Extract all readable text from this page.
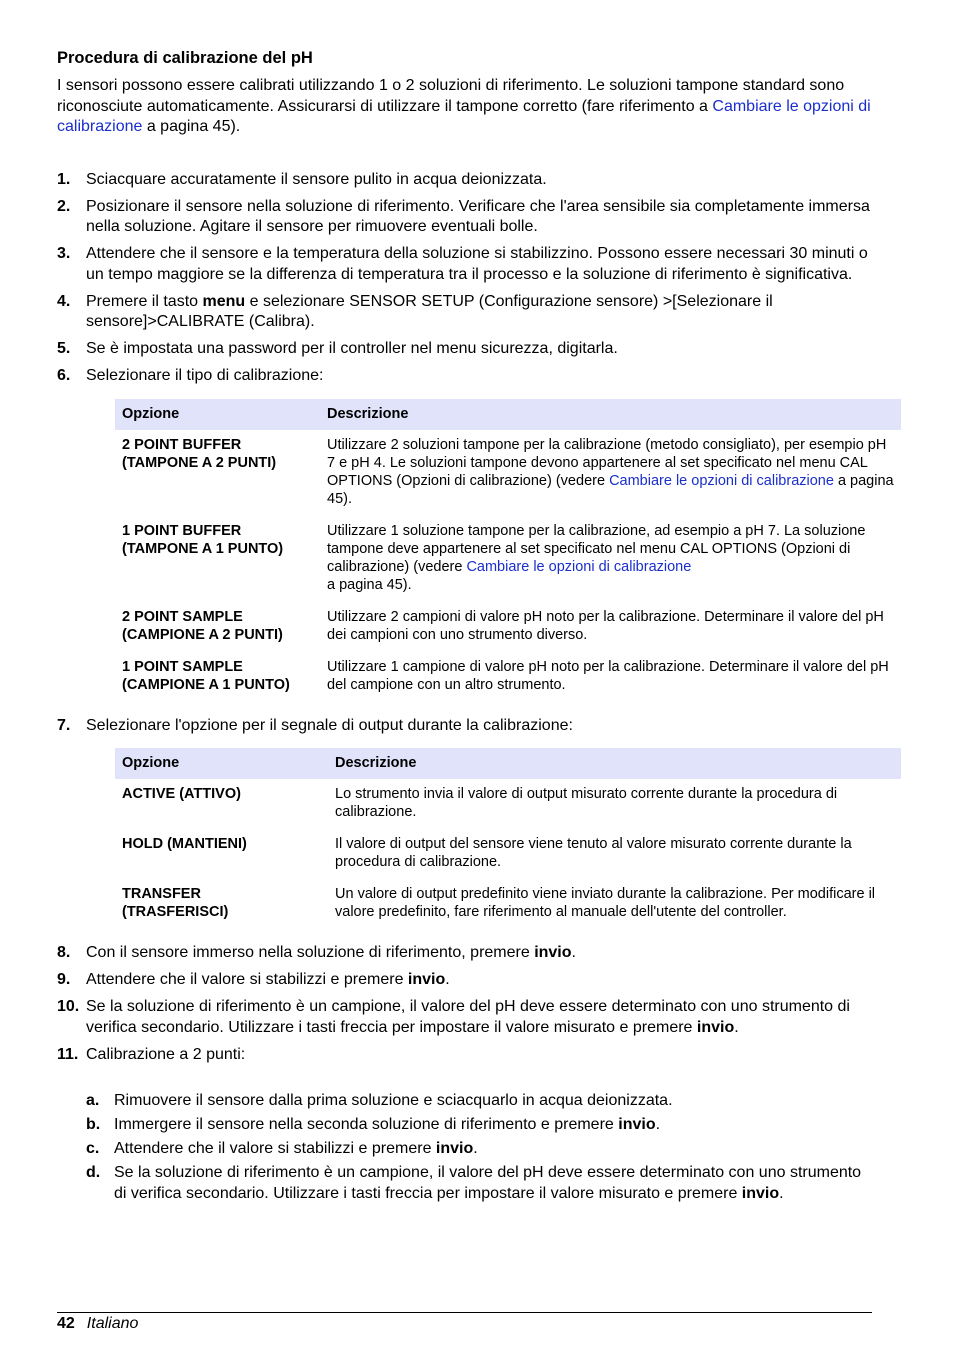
Procedura di calibrazione del pH

I sensori possono essere calibrati utilizzando 1 o 2 soluzioni di riferimento. Le soluzioni tampone standard sono riconosciute automaticamente. Assicurarsi di utilizzare il tampone corretto (fare riferimento a Cambiare le opzioni di calibrazione a pagina 45).

1. Sciacquare accuratamente il sensore pulito in acqua deionizzata.
2. Posizionare il sensore nella soluzione di riferimento. Verificare che l'area sensibile sia completamente immersa nella soluzione. Agitare il sensore per rimuovere eventuali bolle.
3. Attendere che il sensore e la temperatura della soluzione si stabilizzino. Possono essere necessari 30 minuti o un tempo maggiore se la differenza di temperatura tra il processo e la soluzione di riferimento è significativa.
4. Premere il tasto menu e selezionare SENSOR SETUP (Configurazione sensore) >[Selezionare il sensore]>CALIBRATE (Calibra).
5. Se è impostata una password per il controller nel menu sicurezza, digitarla.
6. Selezionare il tipo di calibrazione:
Opzione	Descrizione
2 POINT BUFFER
(TAMPONE A 2 PUNTI)	Utilizzare 2 soluzioni tampone per la calibrazione (metodo consigliato), per esempio pH 7 e pH 4. Le soluzioni tampone devono appartenere al set specificato nel menu CAL OPTIONS (Opzioni di calibrazione) (vedere Cambiare le opzioni di calibrazione a pagina 45).
1 POINT BUFFER
(TAMPONE A 1 PUNTO)	Utilizzare 1 soluzione tampone per la calibrazione, ad esempio a pH 7. La soluzione tampone deve appartenere al set specificato nel menu CAL OPTIONS (Opzioni di calibrazione) (vedere Cambiare le opzioni di calibrazione
a pagina 45).
2 POINT SAMPLE
(CAMPIONE A 2 PUNTI)	Utilizzare 2 campioni di valore pH noto per la calibrazione. Determinare il valore del pH dei campioni con uno strumento diverso.
1 POINT SAMPLE
(CAMPIONE A 1 PUNTO)	Utilizzare 1 campione di valore pH noto per la calibrazione. Determinare il valore del pH del campione con un altro strumento.
7. Selezionare l'opzione per il segnale di output durante la calibrazione:
Opzione	Descrizione
ACTIVE (ATTIVO)	Lo strumento invia il valore di output misurato corrente durante la procedura di calibrazione.
HOLD (MANTIENI)	Il valore di output del sensore viene tenuto al valore misurato corrente durante la procedura di calibrazione.
TRANSFER
(TRASFERISCI)	Un valore di output predefinito viene inviato durante la calibrazione. Per modificare il valore predefinito, fare riferimento al manuale dell'utente del controller.
8. Con il sensore immerso nella soluzione di riferimento, premere invio.
9. Attendere che il valore si stabilizzi e premere invio.
10. Se la soluzione di riferimento è un campione, il valore del pH deve essere determinato con uno strumento di verifica secondario. Utilizzare i tasti freccia per impostare il valore misurato e premere invio.
11. Calibrazione a 2 punti:
a. Rimuovere il sensore dalla prima soluzione e sciacquarlo in acqua deionizzata.
b. Immergere il sensore nella seconda soluzione di riferimento e premere invio.
c. Attendere che il valore si stabilizzi e premere invio.
d. Se la soluzione di riferimento è un campione, il valore del pH deve essere determinato con uno strumento di verifica secondario. Utilizzare i tasti freccia per impostare il valore misurato e premere invio.
42 Italiano
